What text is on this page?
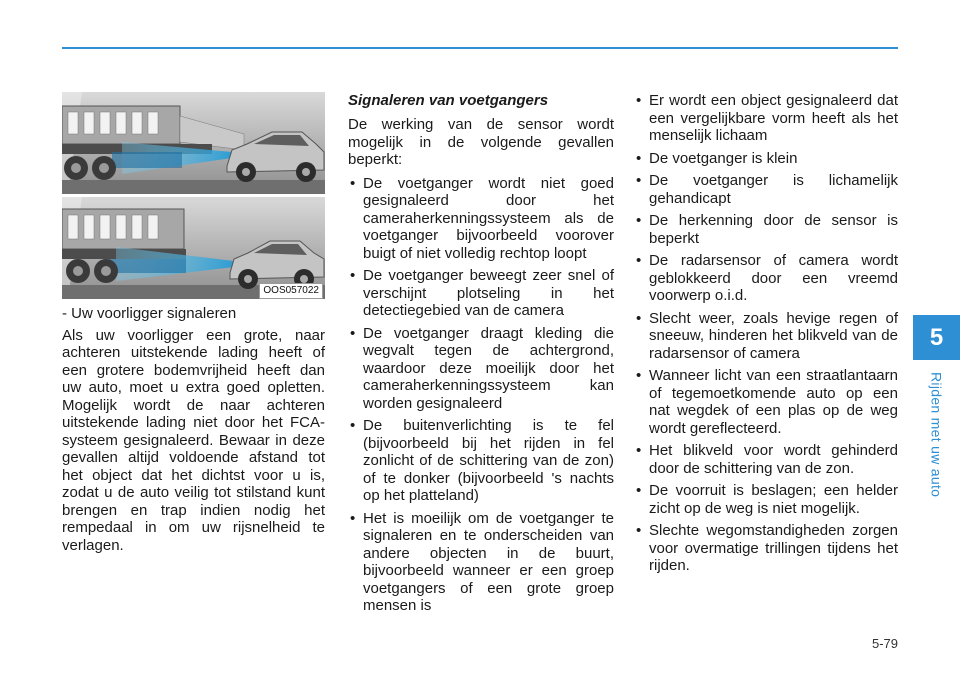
OOS057022

- Uw voorligger signaleren

Als uw voorligger een grote, naar achteren uitstekende lading heeft of een grotere bodemvrijheid heeft dan uw auto, moet u extra goed opletten. Mogelijk wordt de naar achteren uitstekende lading niet door het FCA-systeem gesignaleerd. Bewaar in deze gevallen altijd voldoende afstand tot het object dat het dichtst voor u is, zodat u de auto veilig tot stilstand kunt brengen en trap indien nodig het rempedaal in om uw rijsnelheid te verlagen.

Signaleren van voetgangers

De werking van de sensor wordt mogelijk in de volgende gevallen beperkt:

• De voetganger wordt niet goed gesignaleerd door het cameraherkenningssysteem als de voetganger bijvoorbeeld voorover buigt of niet volledig rechtop loopt
• De voetganger beweegt zeer snel of verschijnt plotseling in het detectiegebied van de camera
• De voetganger draagt kleding die wegvalt tegen de achtergrond, waardoor deze moeilijk door het cameraherkenningssysteem kan worden gesignaleerd
• De buitenverlichting is te fel (bijvoorbeeld bij het rijden in fel zonlicht of de schittering van de zon) of te donker (bijvoorbeeld 's nachts op het platteland)
• Het is moeilijk om de voetganger te signaleren en te onderscheiden van andere objecten in de buurt, bijvoorbeeld wanneer er een groep voetgangers of een grote groep mensen is
• Er wordt een object gesignaleerd dat een vergelijkbare vorm heeft als het menselijk lichaam
• De voetganger is klein
• De voetganger is lichamelijk gehandicapt
• De herkenning door de sensor is beperkt
• De radarsensor of camera wordt geblokkeerd door een vreemd voorwerp o.i.d.
• Slecht weer, zoals hevige regen of sneeuw, hinderen het blikveld van de radarsensor of camera
• Wanneer licht van een straatlantaarn of tegemoetkomende auto op een nat wegdek of een plas op de weg wordt gereflecteerd.
• Het blikveld voor wordt gehinderd door de schittering van de zon.
• De voorruit is beslagen; een helder zicht op de weg is niet mogelijk.
• Slechte wegomstandigheden zorgen voor overmatige trillingen tijdens het rijden.
5
Rijden met uw auto
5-79
